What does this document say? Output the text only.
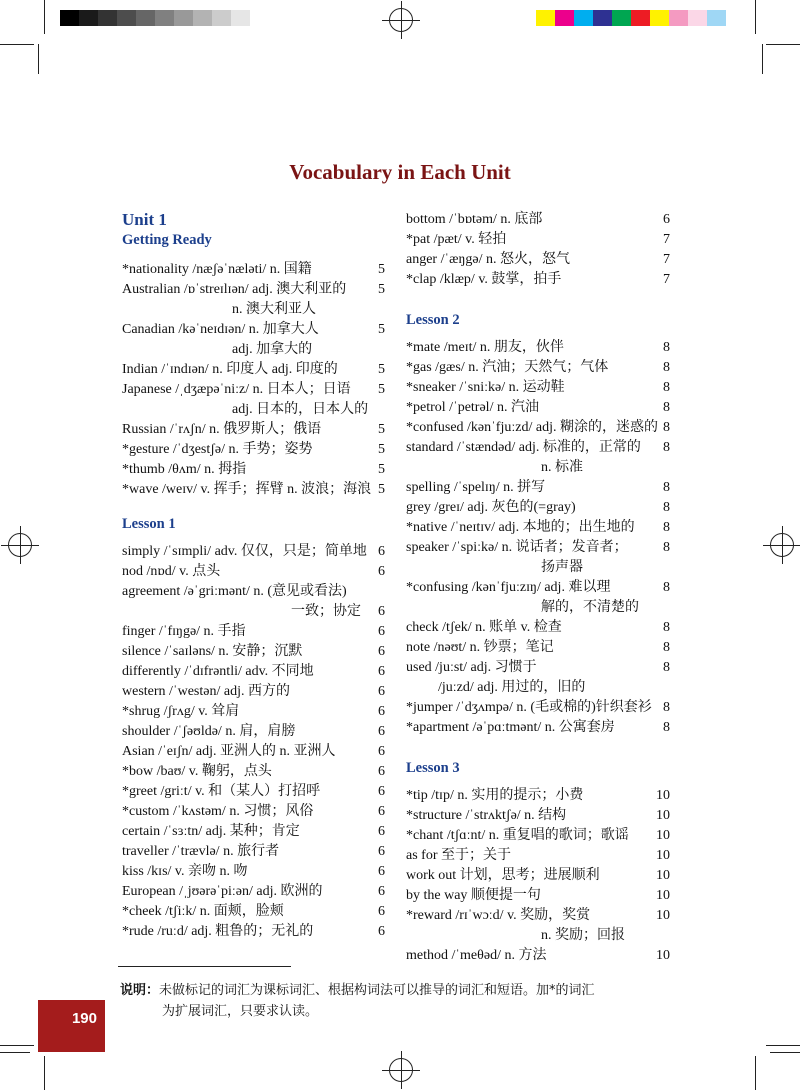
Vocabulary in Each Unit
Unit 1
Getting Ready
*nationality /næʃəˈnæləti/ n. 国籍	5
Australian /ɒˈstreɪlɪən/ adj. 澳大利亚的	5
n. 澳大利亚人
Canadian /kəˈneɪdɪən/ n. 加拿大人	5
adj. 加拿大的
Indian /ˈɪndɪən/ n. 印度人 adj. 印度的	5
Japanese /ˌdʒæpəˈniːz/ n. 日本人；日语	5
adj. 日本的，日本人的
Russian /ˈrʌʃn/ n. 俄罗斯人；俄语	5
*gesture /ˈdʒestʃə/ n. 手势；姿势	5
*thumb /θʌm/ n. 拇指	5
*wave /weɪv/ v. 挥手；挥臂 n. 波浪；海浪 5
Lesson 1
simply /ˈsɪmpli/ adv. 仅仅，只是；简单地 6
nod /nɒd/ v. 点头	6
agreement /əˈgriːmənt/ n. (意见或看法)
一致；协定 6
finger /ˈfɪŋgə/ n. 手指	6
silence /ˈsaɪləns/ n. 安静；沉默	6
differently /ˈdɪfrəntli/ adv. 不同地	6
western /ˈwestən/ adj. 西方的	6
*shrug /ʃrʌg/ v. 耸肩	6
shoulder /ˈʃəʊldə/ n. 肩，肩膀	6
Asian /ˈeɪʃn/ adj. 亚洲人的 n. 亚洲人	6
*bow /baʊ/ v. 鞠躬，点头	6
*greet /griːt/ v. 和（某人）打招呼	6
*custom /ˈkʌstəm/ n. 习惯；风俗	6
certain /ˈsɜːtn/ adj. 某种；肯定	6
traveller /ˈtrævlə/ n. 旅行者	6
kiss /kɪs/ v. 亲吻 n. 吻	6
European /ˌjʊərəˈpiːən/ adj. 欧洲的	6
*cheek /tʃiːk/ n. 面颊，脸颊	6
*rude /ruːd/ adj. 粗鲁的；无礼的	6
bottom /ˈbɒtəm/ n. 底部	6
*pat /pæt/ v. 轻拍	7
anger /ˈæŋgə/ n. 怒火，怒气	7
*clap /klæp/ v. 鼓掌，拍手	7
Lesson 2
*mate /meɪt/ n. 朋友，伙伴	8
*gas /gæs/ n. 汽油；天然气；气体	8
*sneaker /ˈsniːkə/ n. 运动鞋	8
*petrol /ˈpetrəl/ n. 汽油	8
*confused /kənˈfjuːzd/ adj. 糊涂的，迷惑的 8
standard /ˈstændəd/ adj. 标准的，正常的	8
n. 标准
spelling /ˈspelɪŋ/ n. 拼写	8
grey /greɪ/ adj. 灰色的(=gray)	8
*native /ˈneɪtɪv/ adj. 本地的；出生地的	8
speaker /ˈspiːkə/ n. 说话者；发音者；	8
扬声器
*confusing /kənˈfjuːzɪŋ/ adj. 难以理	8
解的，不清楚的
check /tʃek/ n. 账单 v. 检查	8
note /nəʊt/ n. 钞票；笔记	8
used /juːst/ adj. 习惯于	8
/juːzd/ adj. 用过的，旧的
*jumper /ˈdʒʌmpə/ n. (毛或棉的)针织套衫 8
*apartment /əˈpɑːtmənt/ n. 公寓套房	8
Lesson 3
*tip /tɪp/ n. 实用的提示；小费	10
*structure /ˈstrʌktʃə/ n. 结构	10
*chant /tʃɑːnt/ n. 重复唱的歌词；歌谣	10
as for 至于；关于	10
work out 计划，思考；进展顺利	10
by the way 顺便提一句	10
*reward /rɪˈwɔːd/ v. 奖励，奖赏	10
n. 奖励；回报
method /ˈmeθəd/ n. 方法	10
说明：未做标记的词汇为课标词汇、根据构词法可以推导的词汇和短语。加*的词汇
为扩展词汇，只要求认读。
190
